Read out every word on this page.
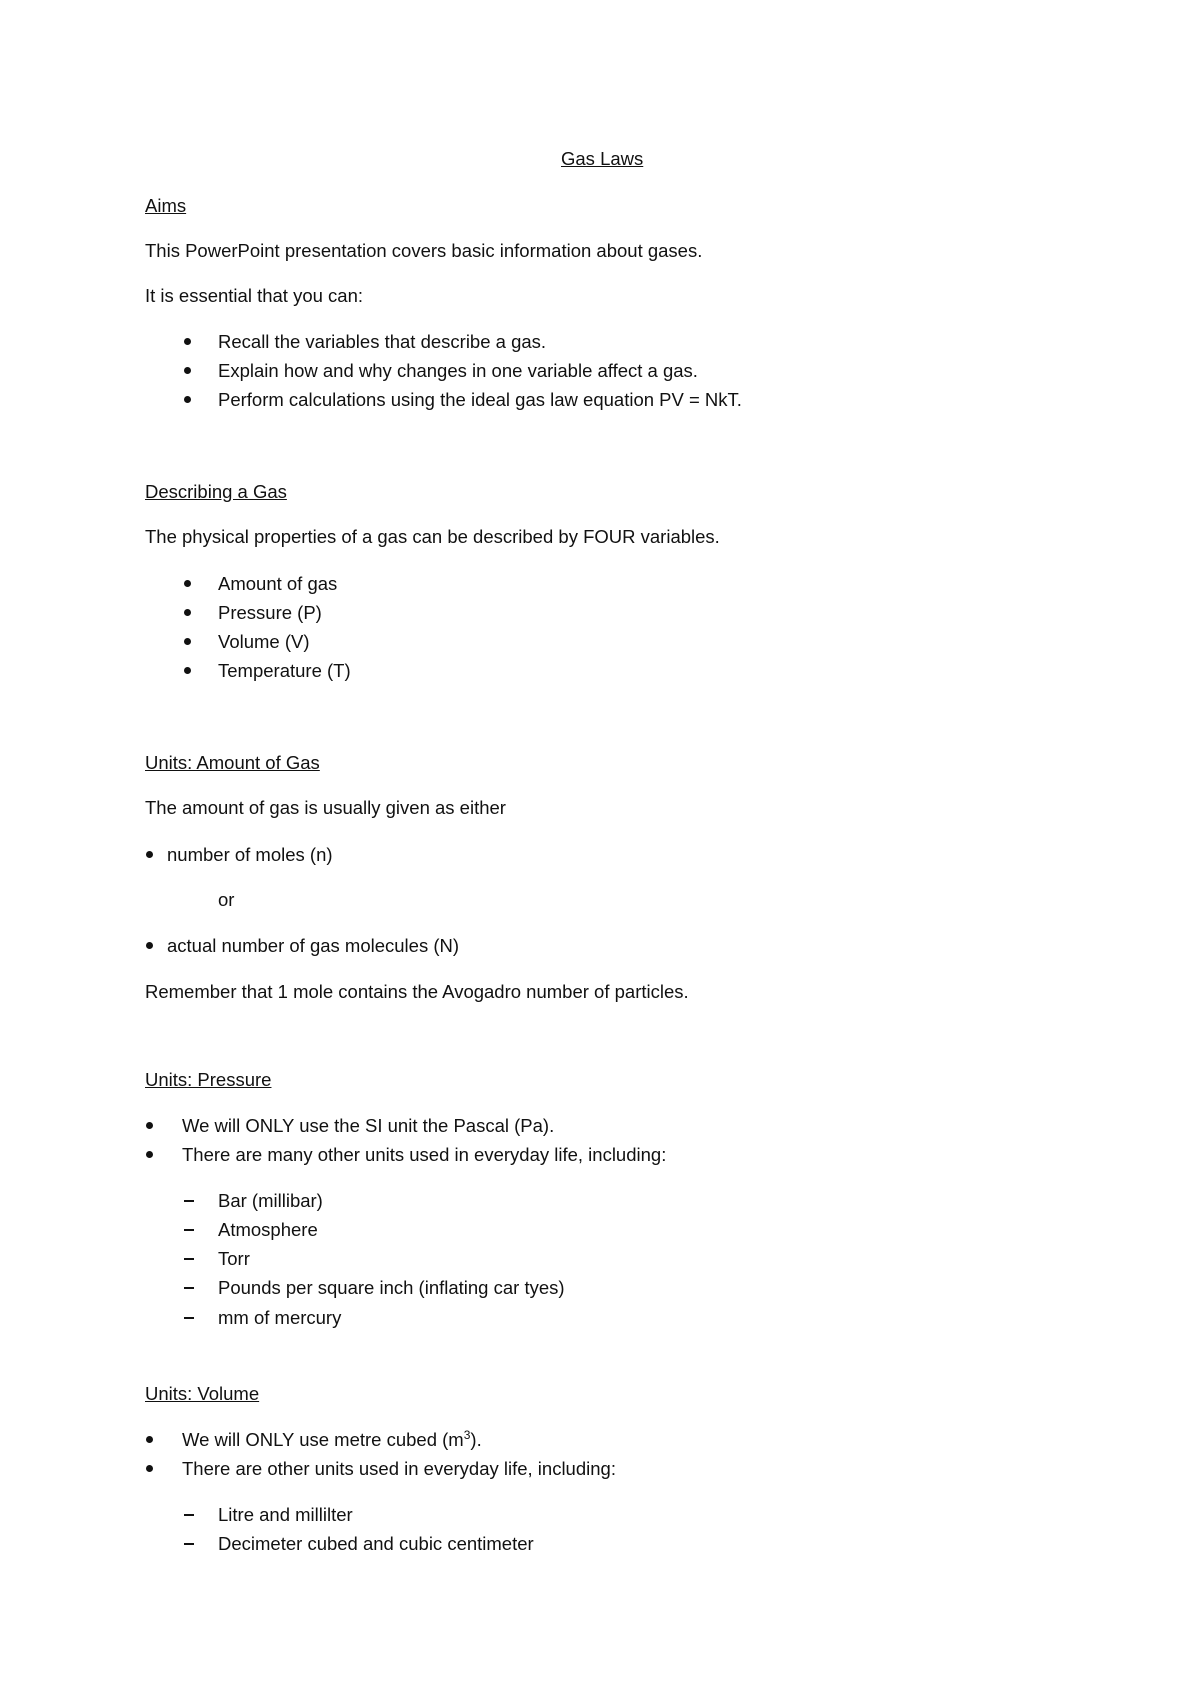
Gas Laws
Aims
This PowerPoint presentation covers basic information about gases.
It is essential that you can:
Recall the variables that describe a gas.
Explain how and why changes in one variable affect a gas.
Perform calculations using the ideal gas law equation PV = NkT.
Describing a Gas
The physical properties of a gas can be described by FOUR variables.
Amount of gas
Pressure (P)
Volume (V)
Temperature (T)
Units: Amount of Gas
The amount of gas is usually given as either
number of moles (n)
or
actual number of gas molecules (N)
Remember that 1 mole contains the Avogadro number of particles.
Units: Pressure
We will ONLY use the SI unit the Pascal (Pa).
There are many other units used in everyday life, including:
Bar (millibar)
Atmosphere
Torr
Pounds per square inch (inflating car tyes)
mm of mercury
Units: Volume
We will ONLY use metre cubed $(m^3)$.
There are other units used in everyday life, including:
Litre and millilter
Decimeter cubed and cubic centimeter
